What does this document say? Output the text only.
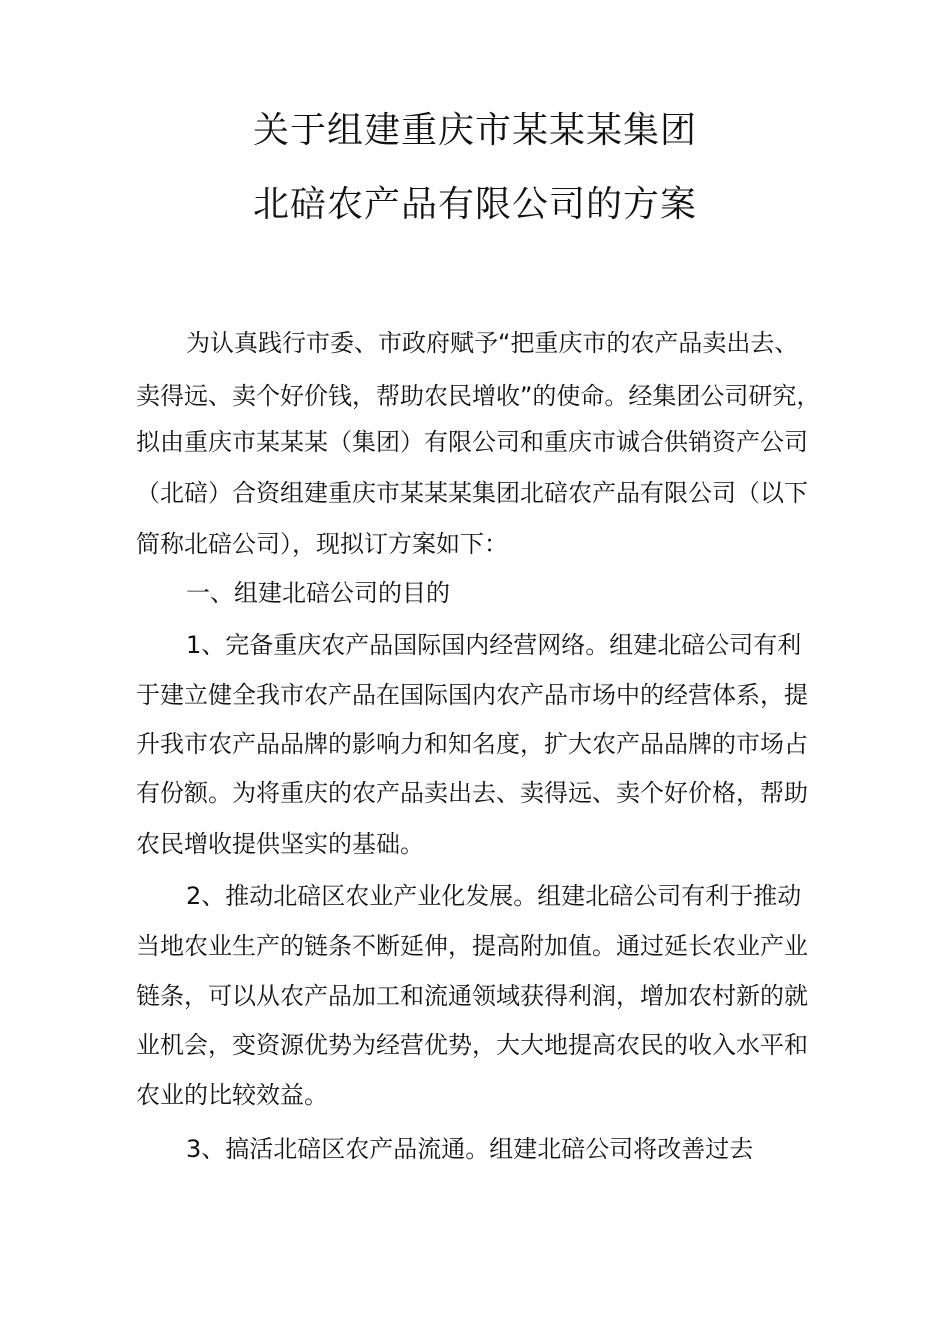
关于组建重庆市某某某集团
北碚农产品有限公司的方案

为认真践行市委、市政府赋予“把重庆市的农产品卖出去、

卖得远、卖个好价钱，帮助农民增收”的使命。经集团公司研究，

拟由重庆市某某某（集团）有限公司和重庆市诚合供销资产公司

（北碚）合资组建重庆市某某某集团北碚农产品有限公司（以下

简称北碚公司），现拟订方案如下：

一、组建北碚公司的目的

1、完备重庆农产品国际国内经营网络。组建北碚公司有利

于建立健全我市农产品在国际国内农产品市场中的经营体系，提

升我市农产品品牌的影响力和知名度，扩大农产品品牌的市场占

有份额。为将重庆的农产品卖出去、卖得远、卖个好价格，帮助

农民增收提供坚实的基础。

2、推动北碚区农业产业化发展。组建北碚公司有利于推动

当地农业生产的链条不断延伸，提高附加值。通过延长农业产业

链条，可以从农产品加工和流通领域获得利润，增加农村新的就

业机会，变资源优势为经营优势，大大地提高农民的收入水平和

农业的比较效益。

3、搞活北碚区农产品流通。组建北碚公司将改善过去
